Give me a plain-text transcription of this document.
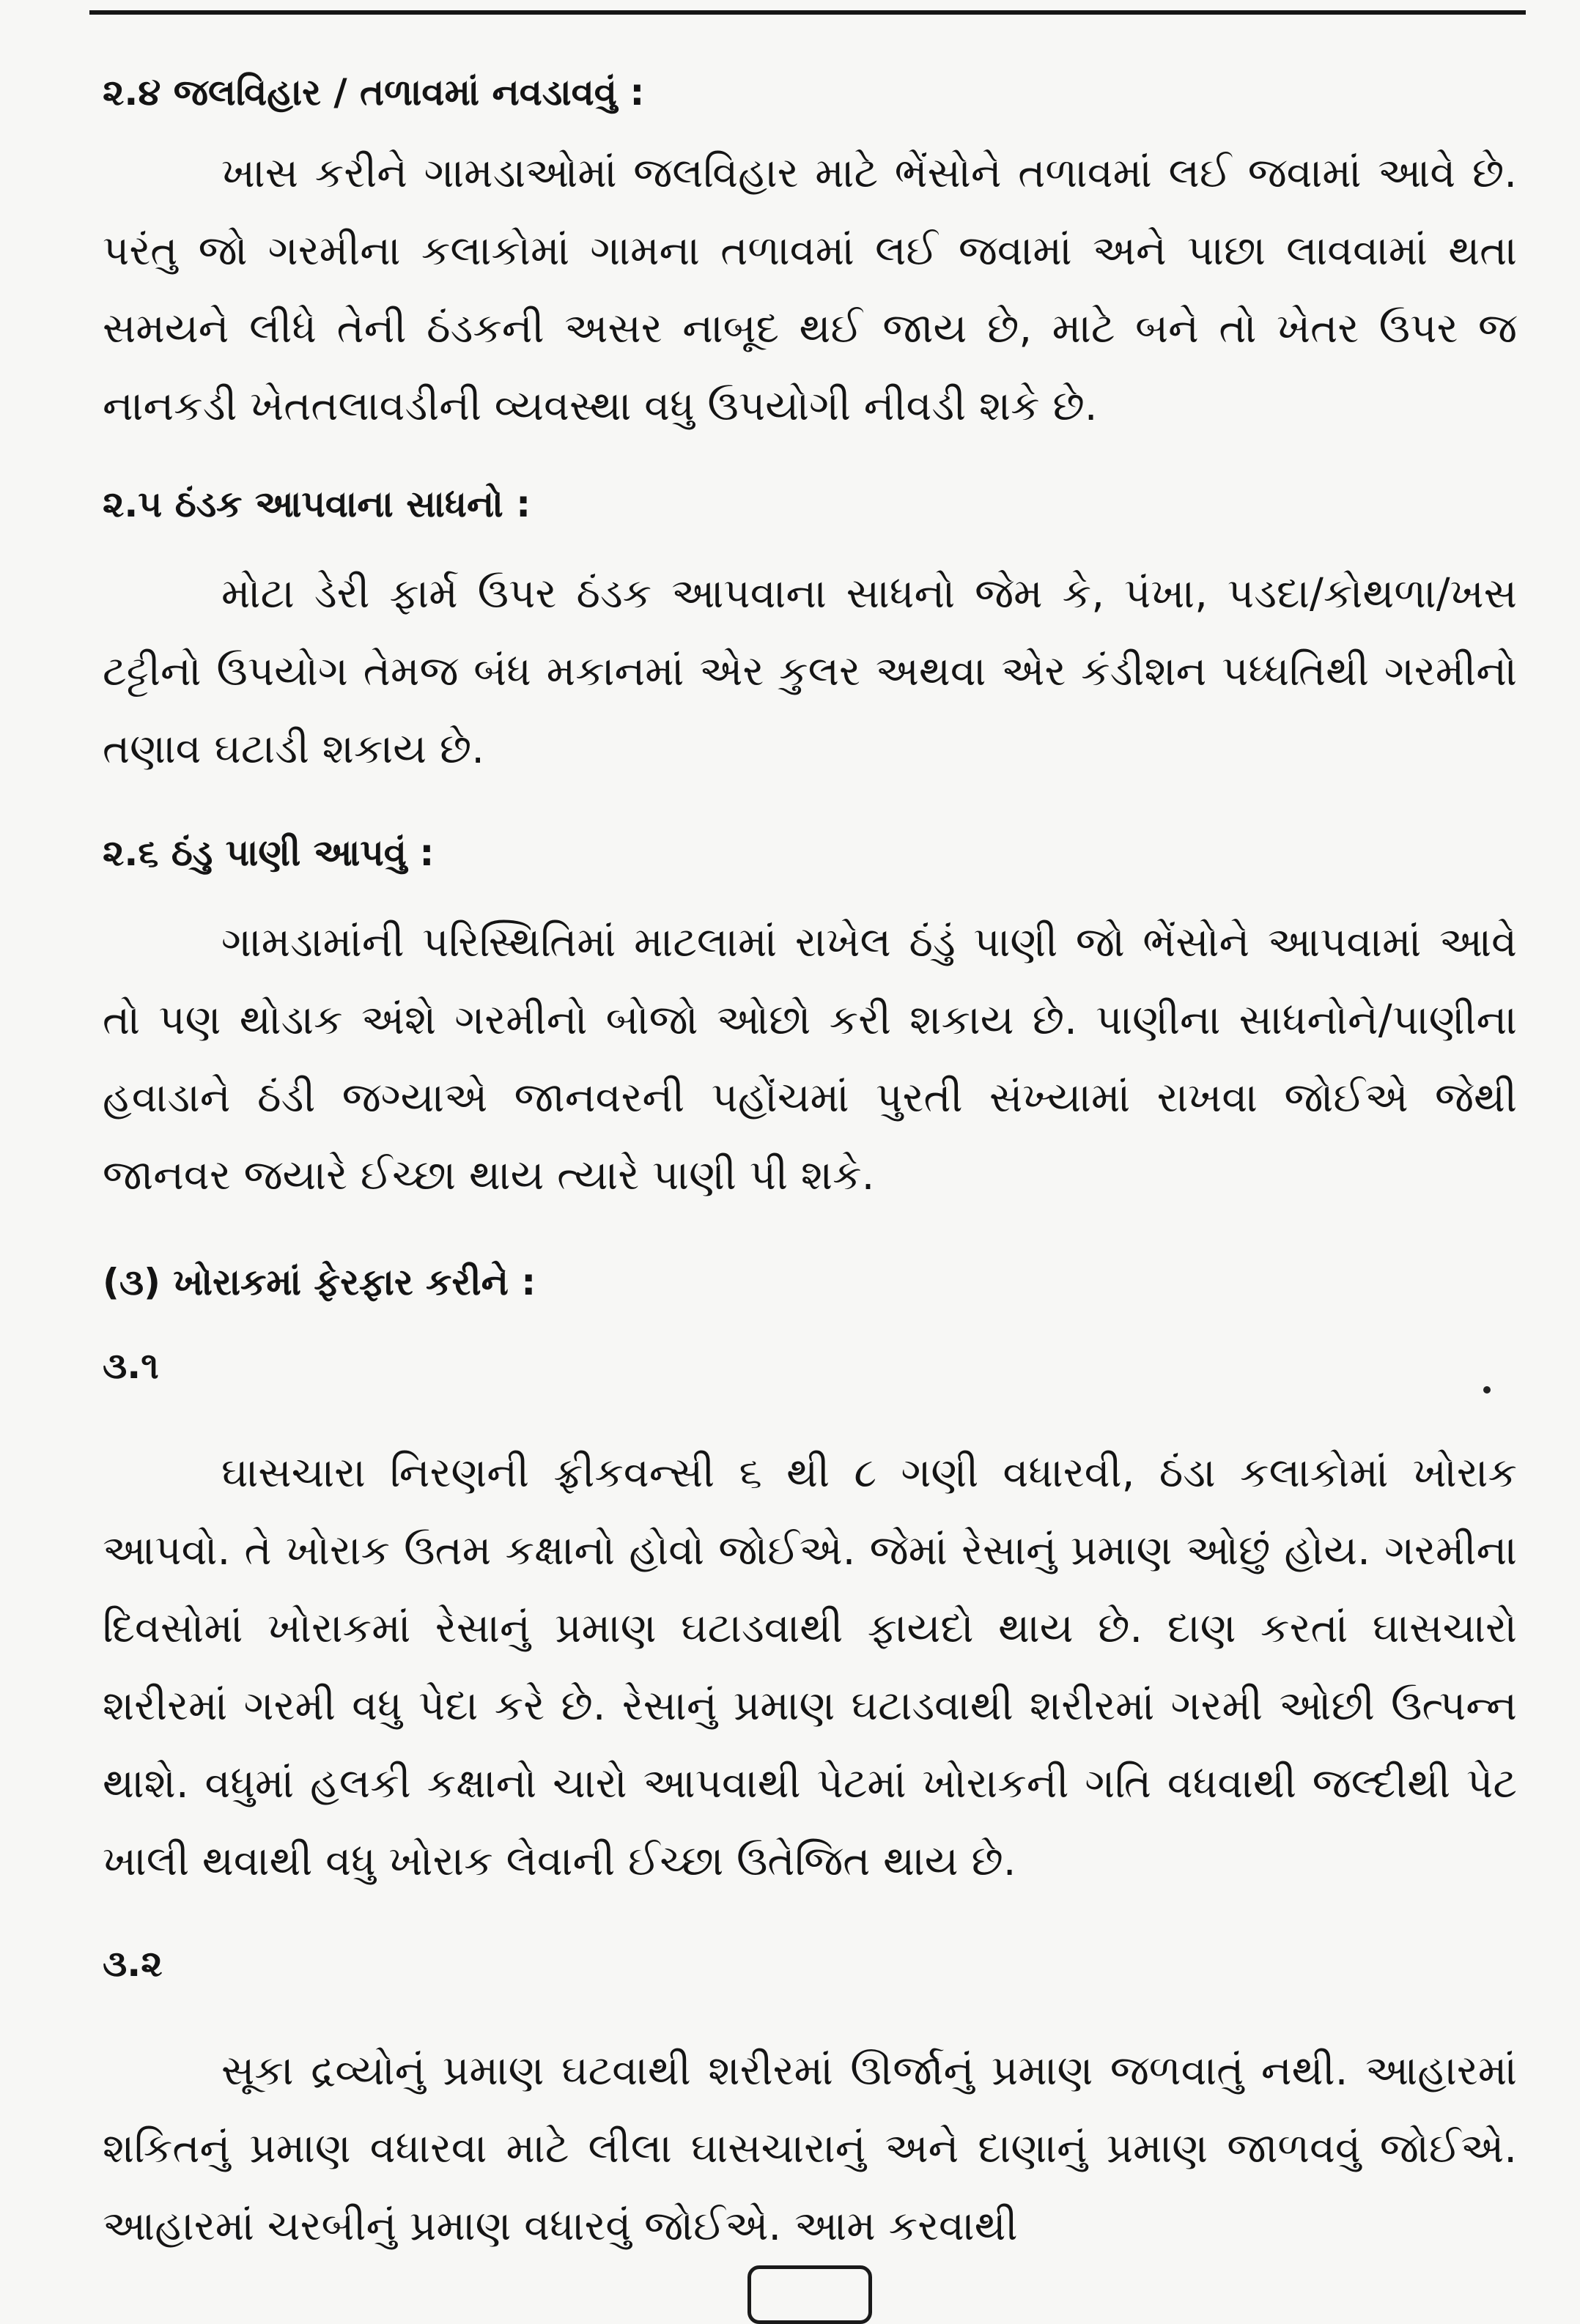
૨.૪ જલવિહાર / તળાવમાં નવડાવવું :

ખાસ કરીને ગામડાઓમાં જલવિહાર માટે ભેંસોને તળાવમાં લઈ જવામાં આવે છે. પરંતુ જો ગરમીના કલાકોમાં ગામના તળાવમાં લઈ જવામાં અને પાછા લાવવામાં થતા સમયને લીધે તેની ઠંડકની અસર નાબૂદ થઈ જાય છે, માટે બને તો ખેતર ઉપર જ નાનકડી ખેતતલાવડીની વ્યવસ્થા વધુ ઉપયોગી નીવડી શકે છે.

૨.૫ ઠંડક આપવાના સાધનો :

મોટા ડેરી ફાર્મ ઉપર ઠંડક આપવાના સાધનો જેમ કે, પંખા, પડદા/કોથળા/ખસ ટટ્ટીનો ઉપયોગ તેમજ બંધ મકાનમાં એર કુલર અથવા એર કંડીશન પધ્ધતિથી ગરમીનો તણાવ ઘટાડી શકાય છે.

૨.૬ ઠંડુ પાણી આપવું :

ગામડામાંની પરિસ્થિતિમાં માટલામાં રાખેલ ઠંડું પાણી જો ભેંસોને આપવામાં આવે તો પણ થોડાક અંશે ગરમીનો બોજો ઓછો કરી શકાય છે. પાણીના સાધનોને/પાણીના હવાડાને ઠંડી જગ્યાએ જાનવરની પહોંચમાં પુરતી સંખ્યામાં રાખવા જોઈએ જેથી જાનવર જયારે ઈચ્છા થાય ત્યારે પાણી પી શકે.

(૩) ખોરાકમાં ફેરફાર કરીને :
૩.૧

ઘાસચારા નિરણની ફ્રીકવન્સી ૬ થી ૮ ગણી વધારવી, ઠંડા કલાકોમાં ખોરાક આપવો. તે ખોરાક ઉતમ કક્ષાનો હોવો જોઈએ. જેમાં રેસાનું પ્રમાણ ઓછું હોય. ગરમીના દિવસોમાં ખોરાકમાં રેસાનું પ્રમાણ ઘટાડવાથી ફાયદો થાય છે. દાણ કરતાં ઘાસચારો શરીરમાં ગરમી વધુ પેદા કરે છે. રેસાનું પ્રમાણ ઘટાડવાથી શરીરમાં ગરમી ઓછી ઉત્પન્ન થાશે. વધુમાં હલકી કક્ષાનો ચારો આપવાથી પેટમાં ખોરાકની ગતિ વધવાથી જલ્દીથી પેટ ખાલી થવાથી વધુ ખોરાક લેવાની ઈચ્છા ઉતેજિત થાય છે.

૩.૨

સૂકા દ્રવ્યોનું પ્રમાણ ઘટવાથી શરીરમાં ઊર્જાનું પ્રમાણ જળવાતું નથી. આહારમાં શકિતનું પ્રમાણ વધારવા માટે લીલા ઘાસચારાનું અને દાણાનું પ્રમાણ જાળવવું જોઈએ. આહારમાં ચરબીનું પ્રમાણ વધારવું જોઈએ. આમ કરવાથી
